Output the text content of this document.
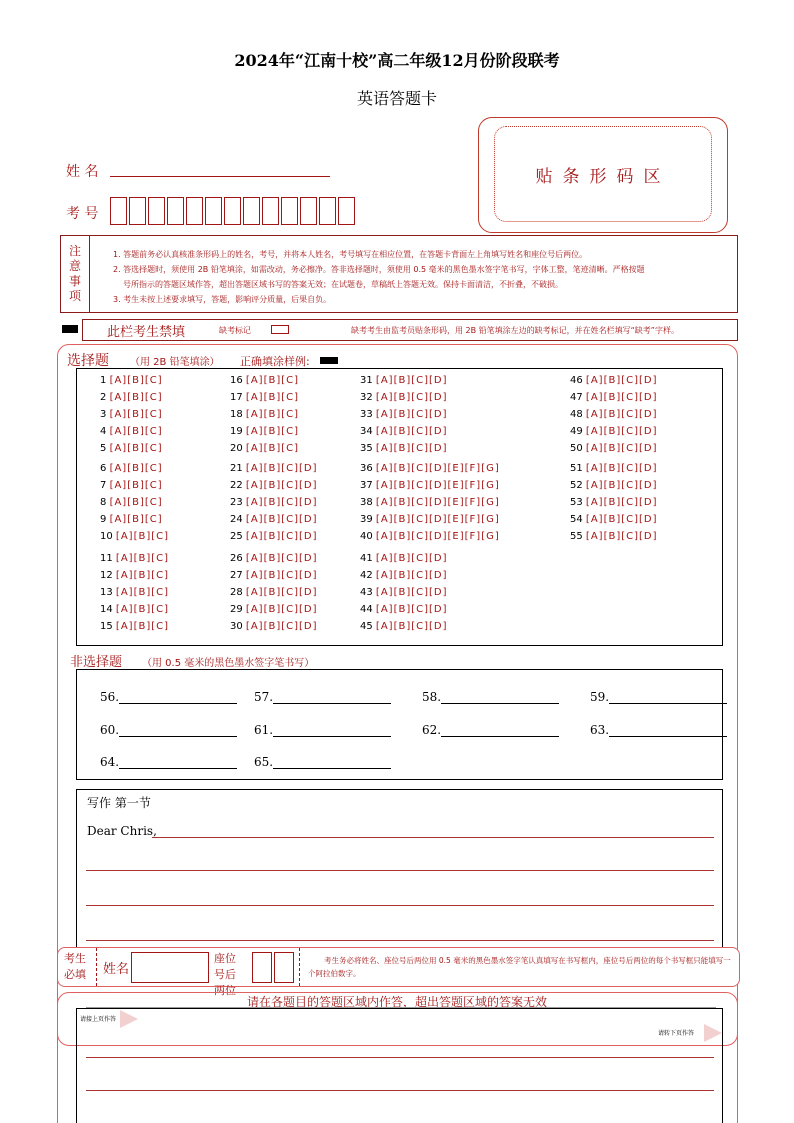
2024年“江南十校”高二年级12月份阶段联考
英语答题卡
贴条形码区
姓 名
考 号
注
意
事
项

1. 答题前务必认真核准条形码上的姓名，考号，并将本人姓名，考号填写在相应位置，在答题卡背面左上角填写姓名和座位号后两位。

2. 答选择题时，须使用 2B 铅笔填涂，如需改动，务必擦净。答非选择题时，须使用 0.5 毫米的黑色墨水签字笔书写，字体工整，笔迹清晰。严格按题

号所指示的答题区域作答，超出答题区域书写的答案无效；在试题卷，草稿纸上答题无效。保持卡面清洁，不折叠，不破损。

3. 考生未按上述要求填写，答题，影响评分质量，后果自负。

此栏考生禁填	缺考标记	缺考考生由监考员贴条形码，用 2B 铅笔填涂左边的缺考标记，并在姓名栏填写“缺考”字样。
选择题 （用 2B 铅笔填涂） 正确填涂样例:
1 [A][B][C]
2 [A][B][C]
3 [A][B][C]
4 [A][B][C]
5 [A][B][C]
6 [A][B][C]
7 [A][B][C]
8 [A][B][C]
9 [A][B][C]
10 [A][B][C]
11 [A][B][C]
12 [A][B][C]
13 [A][B][C]
14 [A][B][C]
15 [A][B][C]
16 [A][B][C]
17 [A][B][C]
18 [A][B][C]
19 [A][B][C]
20 [A][B][C]
21 [A][B][C][D]
22 [A][B][C][D]
23 [A][B][C][D]
24 [A][B][C][D]
25 [A][B][C][D]
26 [A][B][C][D]
27 [A][B][C][D]
28 [A][B][C][D]
29 [A][B][C][D]
30 [A][B][C][D]
31 [A][B][C][D]
32 [A][B][C][D]
33 [A][B][C][D]
34 [A][B][C][D]
35 [A][B][C][D]
36 [A][B][C][D][E][F][G]
37 [A][B][C][D][E][F][G]
38 [A][B][C][D][E][F][G]
39 [A][B][C][D][E][F][G]
40 [A][B][C][D][E][F][G]
41 [A][B][C][D]
42 [A][B][C][D]
43 [A][B][C][D]
44 [A][B][C][D]
45 [A][B][C][D]
46 [A][B][C][D]
47 [A][B][C][D]
48 [A][B][C][D]
49 [A][B][C][D]
50 [A][B][C][D]
51 [A][B][C][D]
52 [A][B][C][D]
53 [A][B][C][D]
54 [A][B][C][D]
55 [A][B][C][D]
非选择题 （用 0.5 毫米的黑色墨水签字笔书写）
56.	57.	58.	59.
60.	61.	62.	63.
64.	65.
写作 第一节
Dear Chris,
考生必填	姓名
座位号后两位
考生务必将姓名、座位号后两位用 0.5 毫米的黑色墨水签字笔认真填写在书写框内，座位号后两位的每个书写框只能填写一个阿拉伯数字。
请在各题目的答题区域内作答，超出答题区域的答案无效
请接上页作答
请转下页作答
